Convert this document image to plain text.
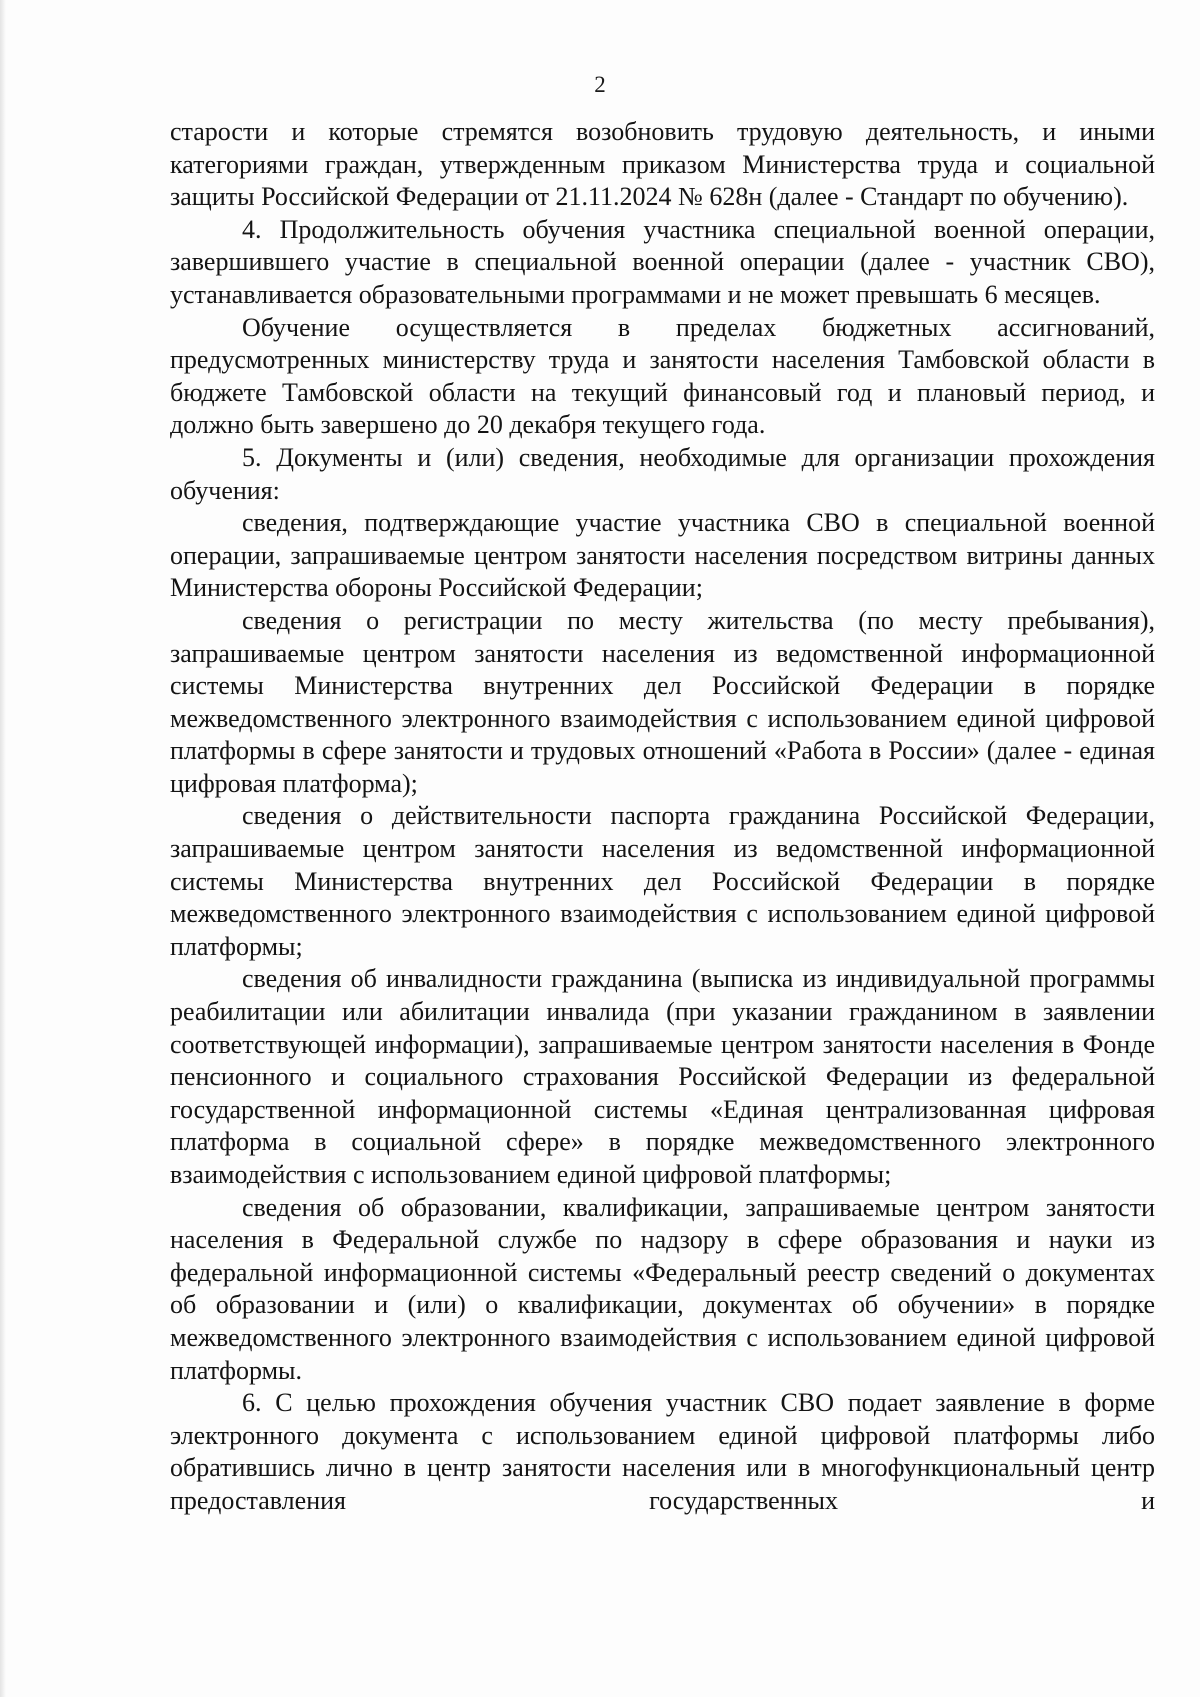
2

старости и которые стремятся возобновить трудовую деятельность, и иными категориями граждан, утвержденным приказом Министерства труда и социальной защиты Российской Федерации от 21.11.2024 № 628н (далее - Стандарт по обучению).

4. Продолжительность обучения участника специальной военной операции, завершившего участие в специальной военной операции (далее - участник СВО), устанавливается образовательными программами и не может превышать 6 месяцев.

Обучение осуществляется в пределах бюджетных ассигнований, предусмотренных министерству труда и занятости населения Тамбовской области в бюджете Тамбовской области на текущий финансовый год и плановый период, и должно быть завершено до 20 декабря текущего года.

5. Документы и (или) сведения, необходимые для организации прохождения обучения:

сведения, подтверждающие участие участника СВО в специальной военной операции, запрашиваемые центром занятости населения посредством витрины данных Министерства обороны Российской Федерации;

сведения о регистрации по месту жительства (по месту пребывания), запрашиваемые центром занятости населения из ведомственной информационной системы Министерства внутренних дел Российской Федерации в порядке межведомственного электронного взаимодействия с использованием единой цифровой платформы в сфере занятости и трудовых отношений «Работа в России» (далее - единая цифровая платформа);

сведения о действительности паспорта гражданина Российской Федерации, запрашиваемые центром занятости населения из ведомственной информационной системы Министерства внутренних дел Российской Федерации в порядке межведомственного электронного взаимодействия с использованием единой цифровой платформы;

сведения об инвалидности гражданина (выписка из индивидуальной программы реабилитации или абилитации инвалида (при указании гражданином в заявлении соответствующей информации), запрашиваемые центром занятости населения в Фонде пенсионного и социального страхования Российской Федерации из федеральной государственной информационной системы «Единая централизованная цифровая платформа в социальной сфере» в порядке межведомственного электронного взаимодействия с использованием единой цифровой платформы;

сведения об образовании, квалификации, запрашиваемые центром занятости населения в Федеральной службе по надзору в сфере образования и науки из федеральной информационной системы «Федеральный реестр сведений о документах об образовании и (или) о квалификации, документах об обучении» в порядке межведомственного электронного взаимодействия с использованием единой цифровой платформы.

6. С целью прохождения обучения участник СВО подает заявление в форме электронного документа с использованием единой цифровой платформы либо обратившись лично в центр занятости населения или в многофункциональный центр предоставления государственных и
